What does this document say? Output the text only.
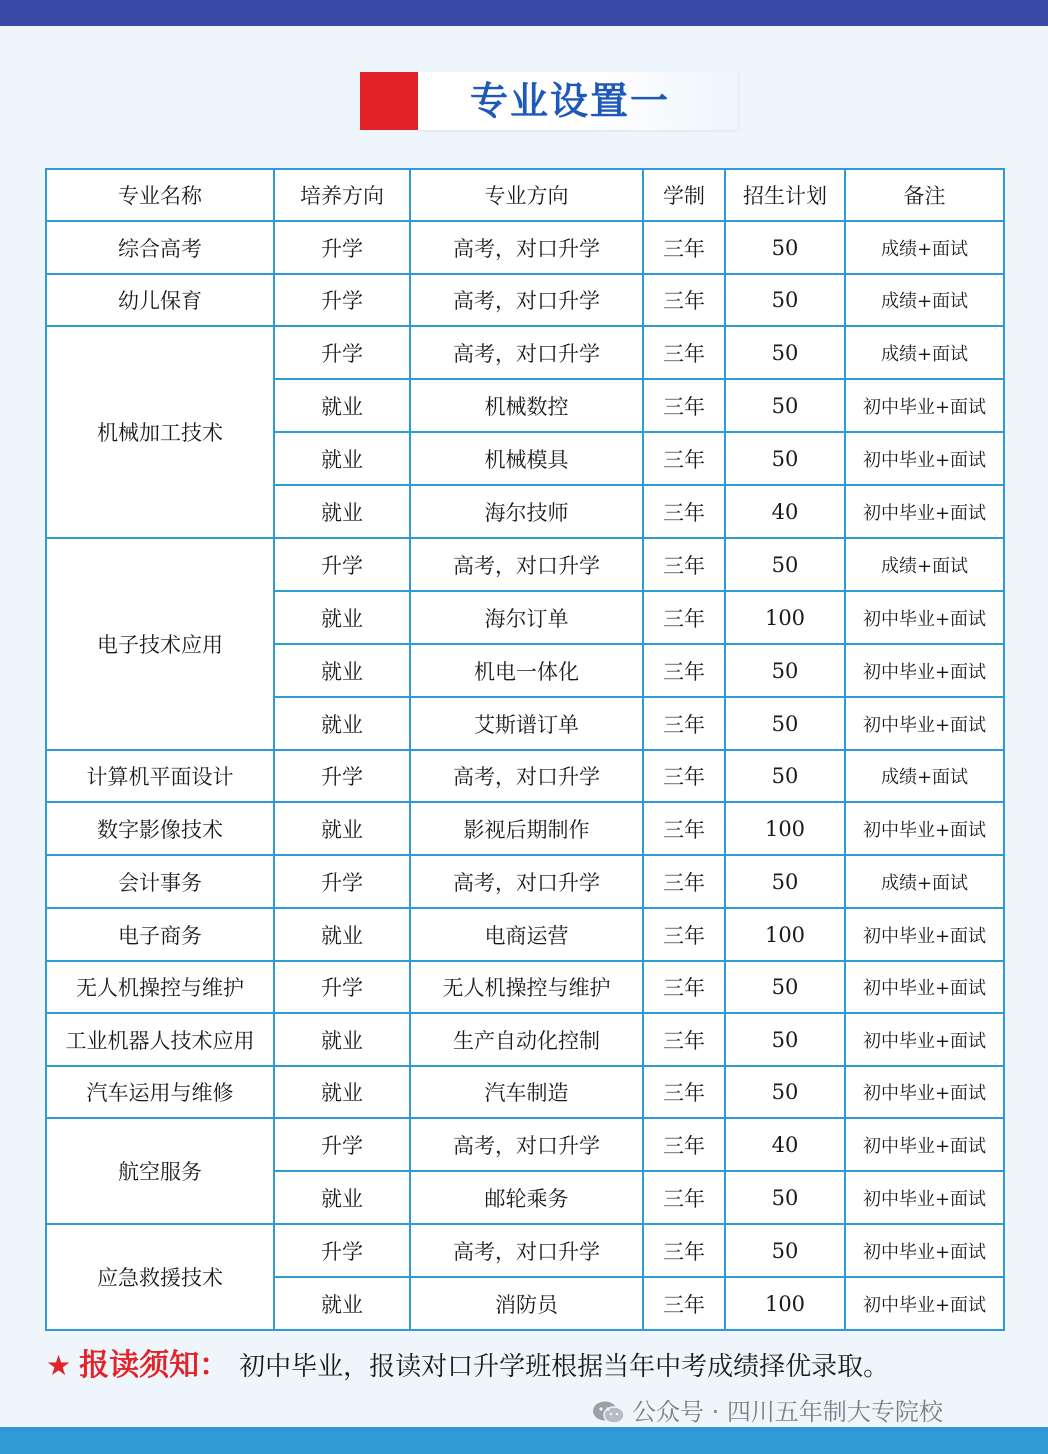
专业设置一
专业名称	培养方向	专业方向	学制	招生计划	备注
综合高考	升学	高考，对口升学	三年	50	成绩+面试
幼儿保育	升学	高考，对口升学	三年	50	成绩+面试
机械加工技术	升学	高考，对口升学	三年	50	成绩+面试
	就业	机械数控	三年	50	初中毕业+面试
	就业	机械模具	三年	50	初中毕业+面试
	就业	海尔技师	三年	40	初中毕业+面试
电子技术应用	升学	高考，对口升学	三年	50	成绩+面试
	就业	海尔订单	三年	100	初中毕业+面试
	就业	机电一体化	三年	50	初中毕业+面试
	就业	艾斯谱订单	三年	50	初中毕业+面试
计算机平面设计	升学	高考，对口升学	三年	50	成绩+面试
数字影像技术	就业	影视后期制作	三年	100	初中毕业+面试
会计事务	升学	高考，对口升学	三年	50	成绩+面试
电子商务	就业	电商运营	三年	100	初中毕业+面试
无人机操控与维护	升学	无人机操控与维护	三年	50	初中毕业+面试
工业机器人技术应用	就业	生产自动化控制	三年	50	初中毕业+面试
汽车运用与维修	就业	汽车制造	三年	50	初中毕业+面试
航空服务	升学	高考，对口升学	三年	40	初中毕业+面试
	就业	邮轮乘务	三年	50	初中毕业+面试
应急救援技术	升学	高考，对口升学	三年	50	初中毕业+面试
	就业	消防员	三年	100	初中毕业+面试
★ 报读须知： 初中毕业，报读对口升学班根据当年中考成绩择优录取。
公众号 · 四川五年制大专院校
